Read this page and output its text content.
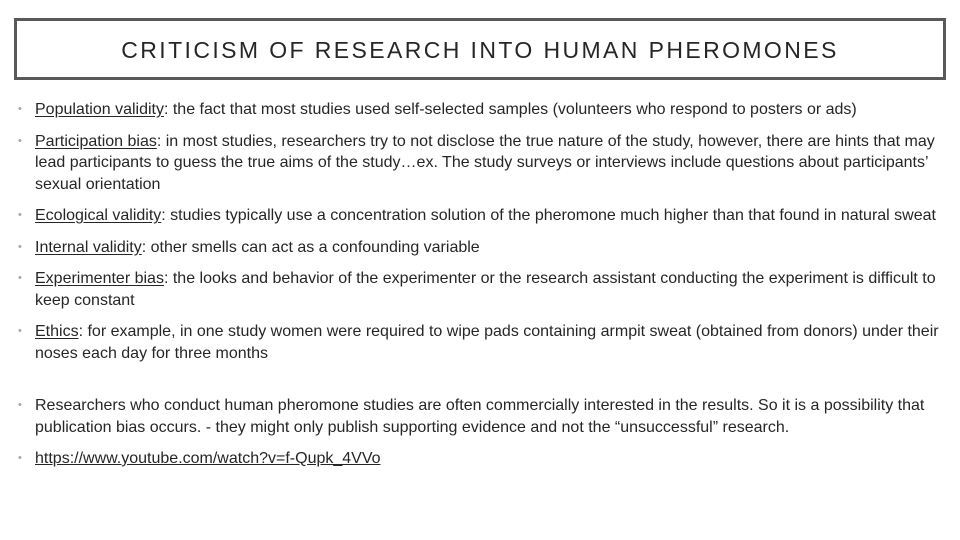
CRITICISM OF RESEARCH INTO HUMAN PHEROMONES
• Population validity: the fact that most studies used self-selected samples (volunteers who respond to posters or ads)
• Participation bias: in most studies, researchers try to not disclose the true nature of the study, however, there are hints that may lead participants to guess the true aims of the study…ex. The study surveys or interviews include questions about participants’ sexual orientation
• Ecological validity: studies typically use a concentration solution of the pheromone much higher than that found in natural sweat
• Internal validity: other smells can act as a confounding variable
• Experimenter bias: the looks and behavior of the experimenter or the research assistant conducting the experiment is difficult to keep constant
• Ethics: for example, in one study women were required to wipe pads containing armpit sweat (obtained from donors) under their noses each day for three months
• Researchers who conduct human pheromone studies are often commercially interested in the results. So it is a possibility that publication bias occurs. - they might only publish supporting evidence and not the “unsuccessful” research.
• https://www.youtube.com/watch?v=f-Qupk_4VVo
